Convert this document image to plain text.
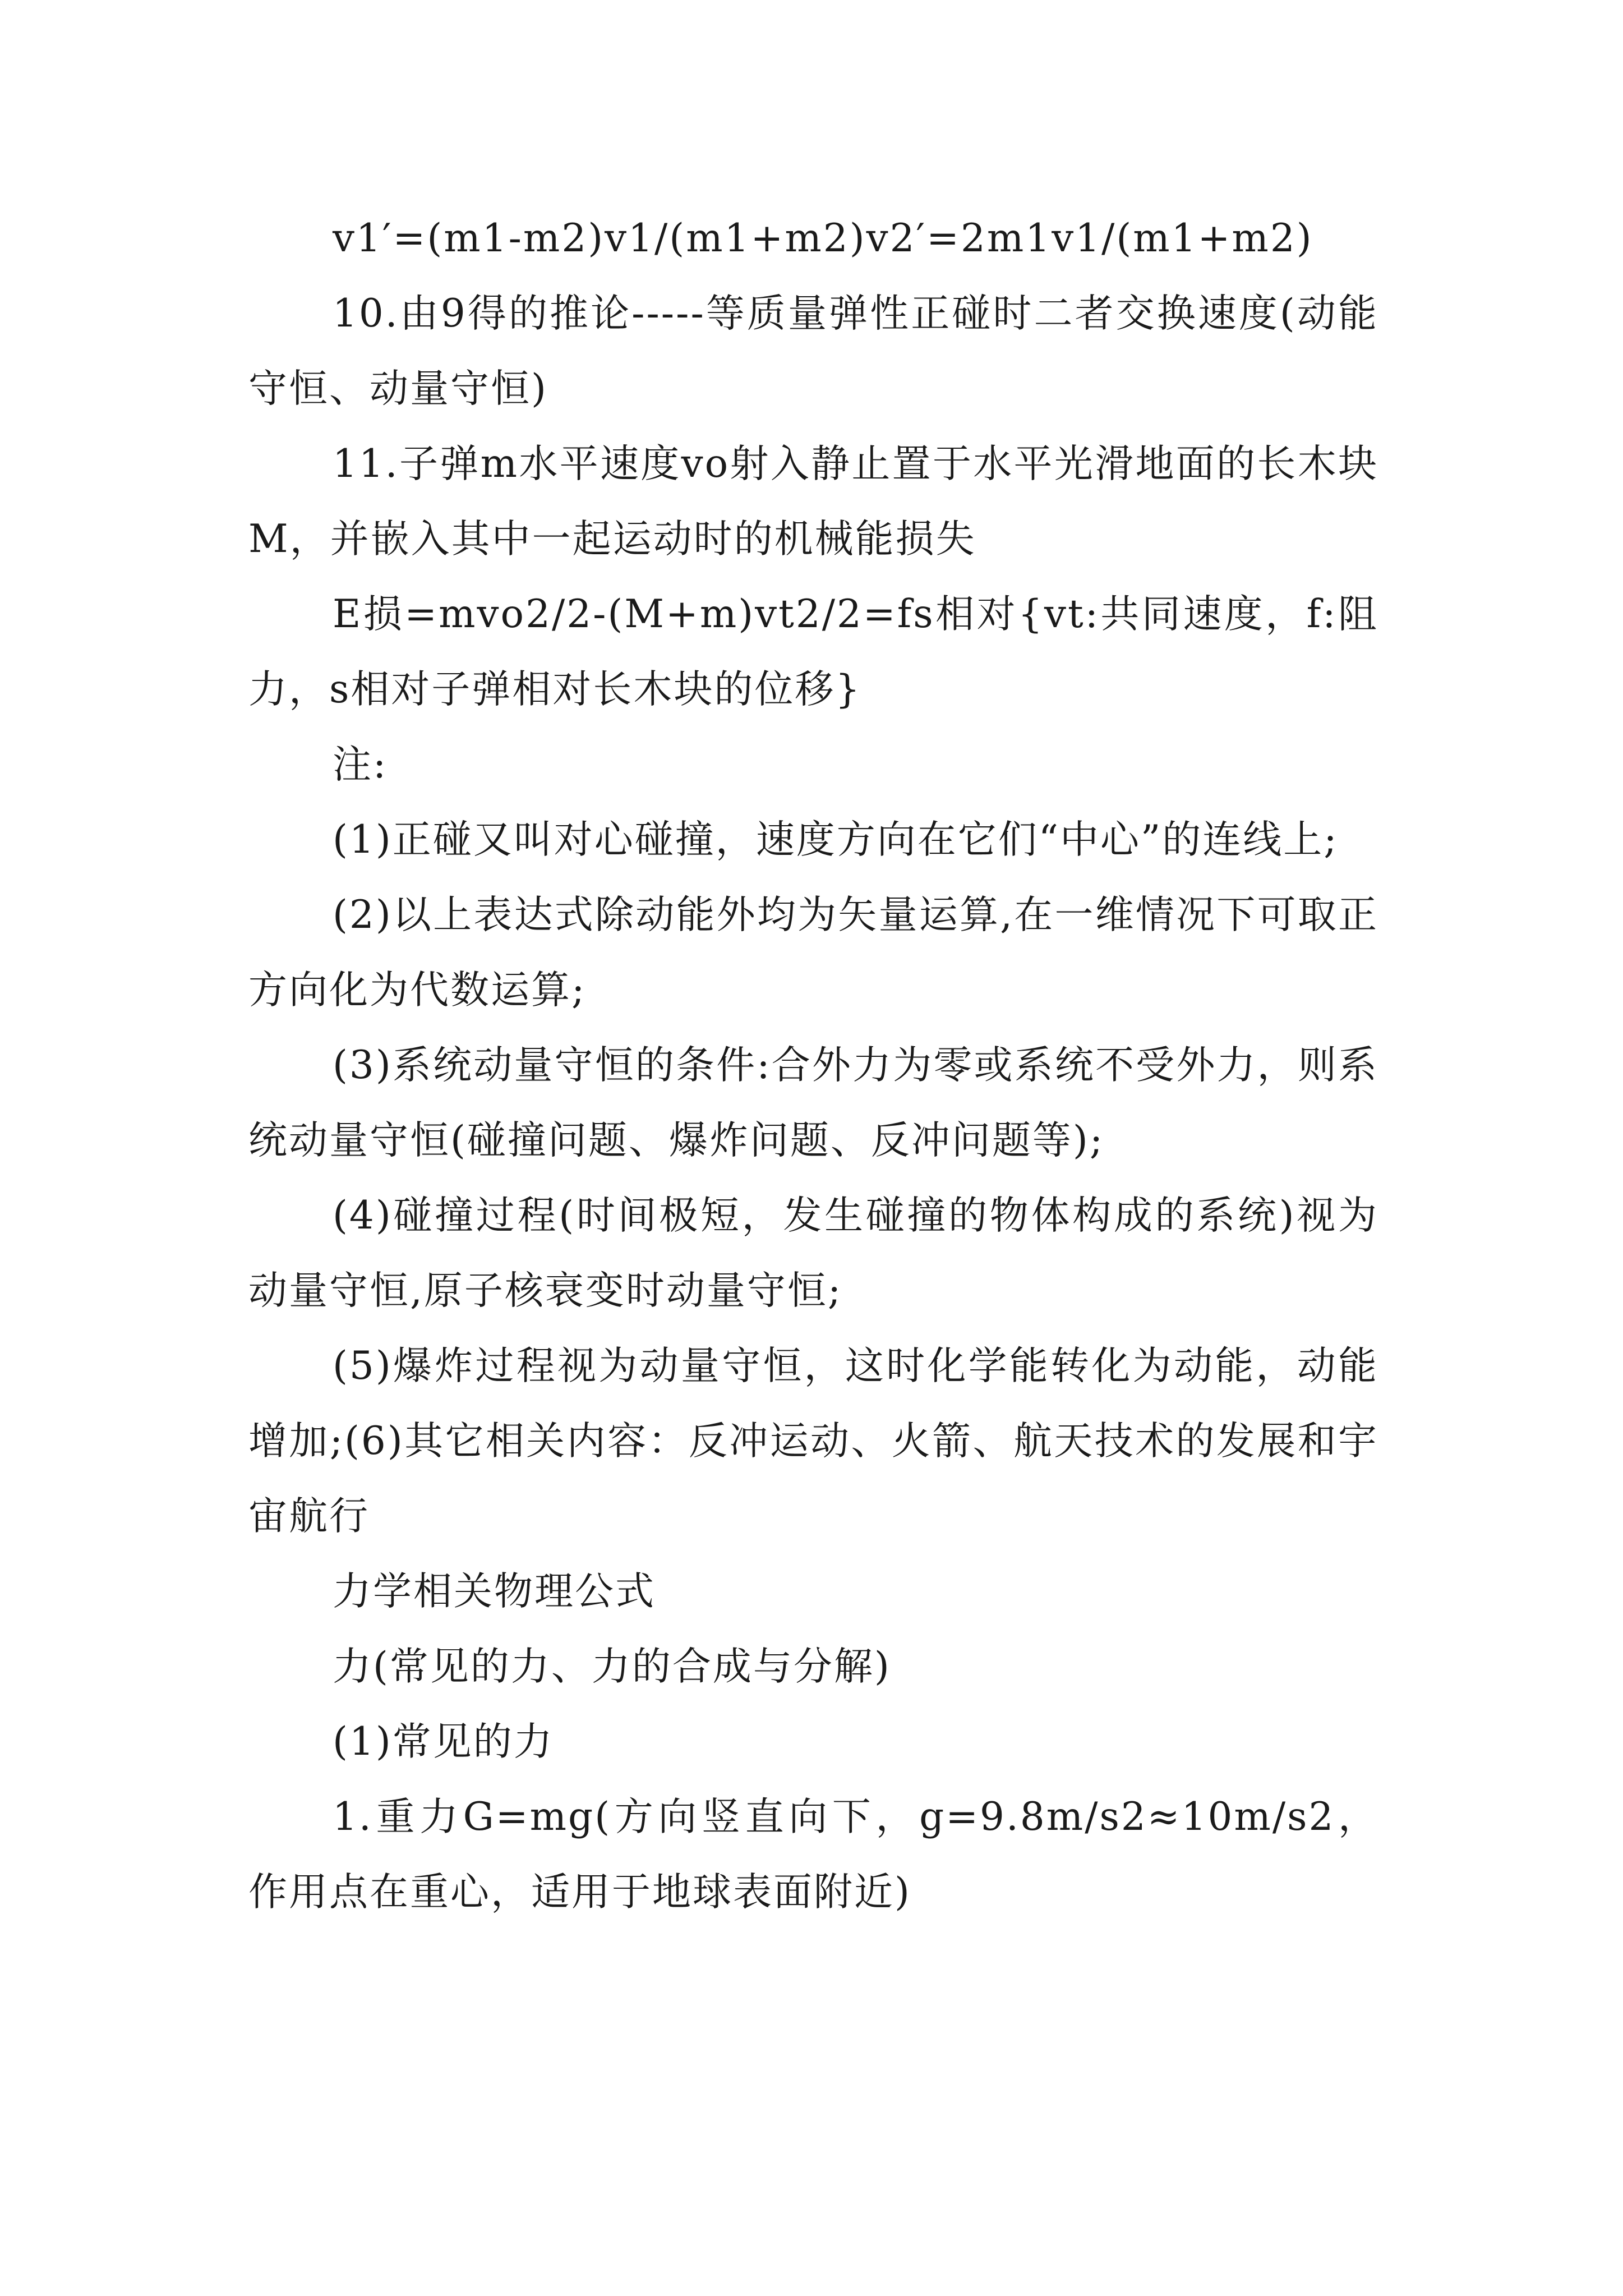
v1′=(m1-m2)v1/(m1+m2)v2′=2m1v1/(m1+m2)

10.由9得的推论-----等质量弹性正碰时二者交换速度(动能守恒、动量守恒)

11.子弹m水平速度vo射入静止置于水平光滑地面的长木块M，并嵌入其中一起运动时的机械能损失

E损=mvo2/2-(M+m)vt2/2=fs相对{vt:共同速度，f:阻力，s相对子弹相对长木块的位移}

注:

(1)正碰又叫对心碰撞，速度方向在它们“中心”的连线上;

(2)以上表达式除动能外均为矢量运算,在一维情况下可取正方向化为代数运算;

(3)系统动量守恒的条件:合外力为零或系统不受外力，则系统动量守恒(碰撞问题、爆炸问题、反冲问题等);

(4)碰撞过程(时间极短，发生碰撞的物体构成的系统)视为动量守恒,原子核衰变时动量守恒;

(5)爆炸过程视为动量守恒，这时化学能转化为动能，动能增加;(6)其它相关内容：反冲运动、火箭、航天技术的发展和宇宙航行

力学相关物理公式

力(常见的力、力的合成与分解)

(1)常见的力

1.重力G=mg(方向竖直向下，g=9.8m/s2≈10m/s2，作用点在重心，适用于地球表面附近)
